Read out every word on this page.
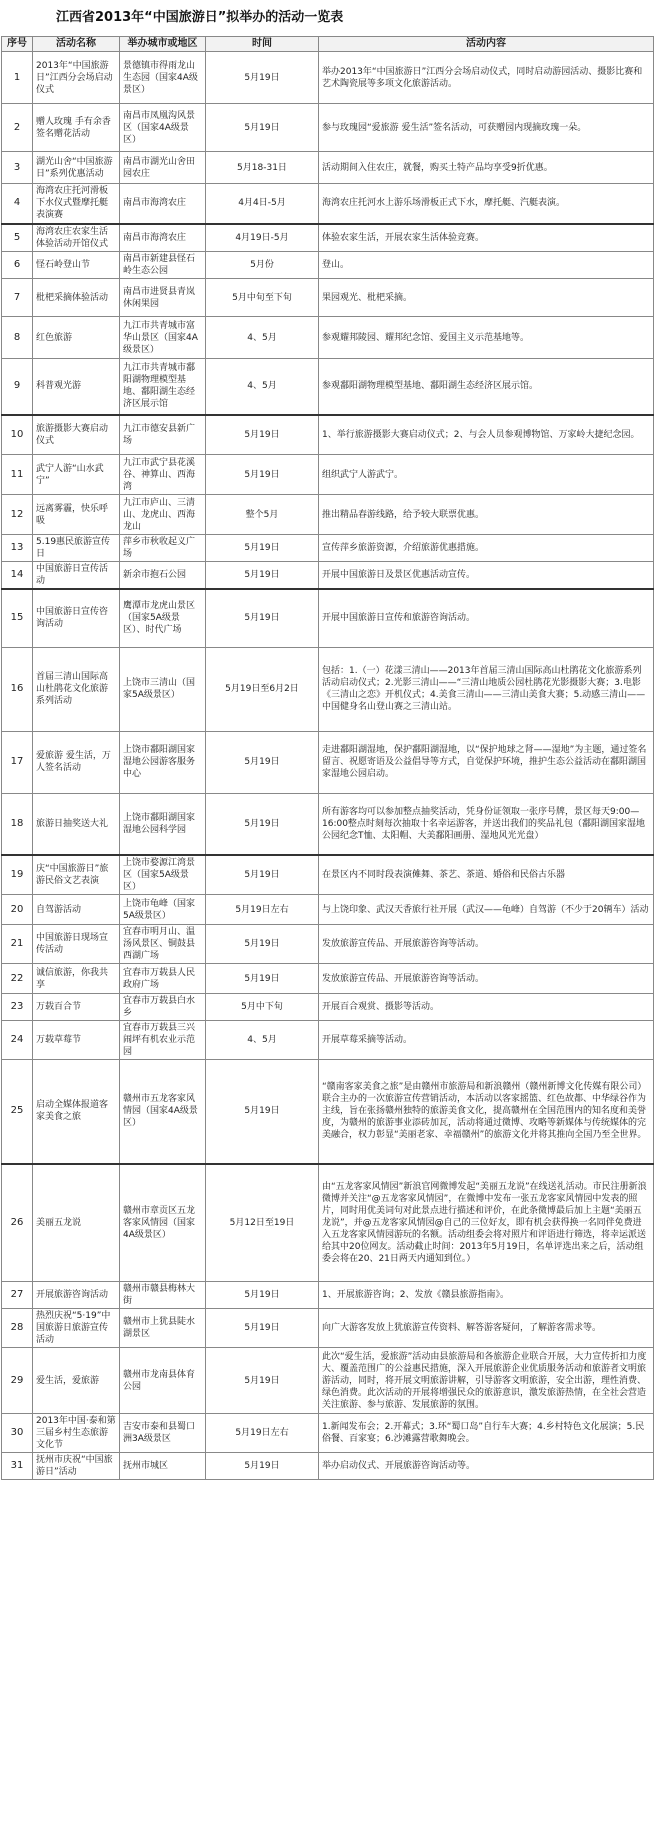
江西省2013年“中国旅游日”拟举办的活动一览表
序号	活动名称	举办城市或地区	时间	活动内容
1	2013年“中国旅游日”江西分会场启动仪式	景德镇市得雨龙山生态园（国家4A级景区）	5月19日	举办2013年“中国旅游日”江西分会场启动仪式，同时启动游园活动、摄影比赛和艺术陶瓷展等多项文化旅游活动。
2	赠人玫瑰 手有余香签名赠花活动	南昌市凤凰沟风景区（国家4A级景区）	5月19日	参与玫瑰园“爱旅游 爱生活”签名活动，可获赠园内现摘玫瑰一朵。
3	湖光山舍“中国旅游日”系列优惠活动	南昌市湖光山舍田园农庄	5月18-31日	活动期间入住农庄，就餐，购买土特产品均享受9折优惠。
4	海湾农庄托河滑板下水仪式暨摩托艇表演赛	南昌市海湾农庄	4月4日-5月	海湾农庄托河水上游乐场滑板正式下水，摩托艇、汽艇表演。
5	海湾农庄农家生活体验活动开馆仪式	南昌市海湾农庄	4月19日-5月	体验农家生活，开展农家生活体验竞赛。
6	怪石岭登山节	南昌市新建县怪石岭生态公园	5月份	登山。
7	枇杷采摘体验活动	南昌市进贤县青岚休闲果园	5月中旬至下旬	果园观光、枇杷采摘。
8	红色旅游	九江市共青城市富华山景区（国家4A级景区）	4、5月	参观耀邦陵园、耀邦纪念馆、爱国主义示范基地等。
9	科普观光游	九江市共青城市鄱阳湖物理模型基地、鄱阳湖生态经济区展示馆	4、5月	参观鄱阳湖物理模型基地、鄱阳湖生态经济区展示馆。
10	旅游摄影大赛启动仪式	九江市德安县新广场	5月19日	1、举行旅游摄影大赛启动仪式；2、与会人员参观博物馆、万家岭大捷纪念园。
11	武宁人游“山水武宁”	九江市武宁县花溪谷、神算山、西海湾	5月19日	组织武宁人游武宁。
12	远离雾霾，快乐呼吸	九江市庐山、三清山、龙虎山、西海龙山	整个5月	推出精品春游线路，给予较大联票优惠。
13	5.19惠民旅游宣传日	萍乡市秋收起义广场	5月19日	宣传萍乡旅游资源，介绍旅游优惠措施。
14	中国旅游日宣传活动	新余市抱石公园	5月19日	开展中国旅游日及景区优惠活动宣传。
15	中国旅游日宣传咨询活动	鹰潭市龙虎山景区（国家5A级景区）、时代广场	5月19日	开展中国旅游日宣传和旅游咨询活动。
16	首届三清山国际高山杜鹃花文化旅游系列活动	上饶市三清山（国家5A级景区）	5月19日至6月2日	包括：1.（一）花漾三清山——2013年首届三清山国际高山杜鹃花文化旅游系列活动启动仪式；2.光影三清山——“三清山地质公园杜鹃花光影摄影大赛；3.电影《三清山之恋》开机仪式；4.美食三清山——三清山美食大赛；5.动感三清山——中国健身名山登山赛之三清山站。
17	爱旅游 爱生活，万人签名活动	上饶市鄱阳湖国家湿地公园游客服务中心	5月19日	走进鄱阳湖湿地，保护鄱阳湖湿地，以“保护地球之肾——湿地”为主题，通过签名留言、祝愿寄语及公益倡导等方式，自觉保护环境，推护生态公益活动在鄱阳湖国家湿地公园启动。
18	旅游日抽奖送大礼	上饶市鄱阳湖国家湿地公园科学园	5月19日	所有游客均可以参加整点抽奖活动，凭身份证领取一张序号牌，景区每天9:00—16:00整点时刻每次抽取十名幸运游客，并送出我们的奖品礼包（鄱阳湖国家湿地公园纪念T恤、太阳帽、大美鄱阳画册、湿地风光光盘）
19	庆“中国旅游日”旅游民俗文艺表演	上饶市婺源江湾景区（国家5A级景区）	5月19日	在景区内不同时段表演傩舞、茶艺、茶道、婚俗和民俗古乐器
20	自驾游活动	上饶市龟峰（国家5A级景区）	5月19日左右	与上饶印象、武汉天香旅行社开展（武汉——龟峰）自驾游（不少于20辆车）活动
21	中国旅游日现场宣传活动	宜春市明月山、温汤风景区、铜鼓县西湖广场	5月19日	发放旅游宣传品、开展旅游咨询等活动。
22	诚信旅游，你我共享	宜春市万载县人民政府广场	5月19日	发放旅游宣传品、开展旅游咨询等活动。
23	万载百合节	宜春市万载县白水乡	5月中下旬	开展百合观赏、摄影等活动。
24	万载草莓节	宜春市万载县三兴闹坪有机农业示范园	4、5月	开展草莓采摘等活动。
25	启动全媒体报道客家美食之旅	赣州市五龙客家风情园（国家4A级景区）	5月19日	“赣南客家美食之旅”是由赣州市旅游局和新浪赣州（赣州新博文化传媒有限公司）联合主办的一次旅游宣传营销活动，本活动以客家摇篮、红色故都、中华绿谷作为主线，旨在张扬赣州独特的旅游美食文化，提高赣州在全国范围内的知名度和美誉度，为赣州的旅游事业添砖加瓦，活动将通过微博、攻略等新媒体与传统媒体的完美融合，权力彰显“美丽老家、幸福赣州”的旅游文化并将其推向全国乃至全世界。
26	美丽五龙说	赣州市章贡区五龙客家风情园（国家4A级景区）	5月12日至19日	由“五龙客家风情园”新浪官网微博发起“美丽五龙说”在线送礼活动。市民注册新浪微博并关注“@五龙客家风情园”，在微博中发布一张五龙客家风情园中发表的照片，同时用优美词句对此景点进行描述和评价，在此条微博最后加上主题“美丽五龙说”，并@五龙客家风情园@自己的三位好友，即有机会获得换一名同伴免费进入五龙客家风情园游玩的名额。活动组委会将对照片和评语进行筛选，将幸运派送给其中20位网友。活动截止时间：2013年5月19日，名单评选出来之后，活动组委会将在20、21日两天内通知到位。）
27	开展旅游咨询活动	赣州市赣县梅林大街	5月19日	1、开展旅游咨询；2、发放《赣县旅游指南》。
28	热烈庆祝“5·19”中国旅游日旅游宣传活动	赣州市上犹县陡水湖景区	5月19日	向广大游客发放上犹旅游宣传资料、解答游客疑问，了解游客需求等。
29	爱生活，爱旅游	赣州市龙南县体育公园	5月19日	此次“爱生活，爱旅游”活动由县旅游局和各旅游企业联合开展，大力宣传折扣力度大、覆盖范围广的公益惠民措施，深入开展旅游企业优质服务活动和旅游者文明旅游活动，同时，将开展文明旅游讲解，引导游客文明旅游，安全出游，理性消费、绿色消费。此次活动的开展将增强民众的旅游意识，激发旅游热情，在全社会营造关注旅游、参与旅游、发展旅游的氛围。
30	2013年中国·泰和第三届乡村生态旅游文化节	吉安市泰和县蜀口洲3A级景区	5月19日左右	1.新闻发布会；2.开幕式；3.环“蜀口岛”自行车大赛；4.乡村特色文化展演；5.民俗餐、百家宴；6.沙滩露营歌舞晚会。
31	抚州市庆祝“中国旅游日”活动	抚州市城区	5月19日	举办启动仪式、开展旅游咨询活动等。
